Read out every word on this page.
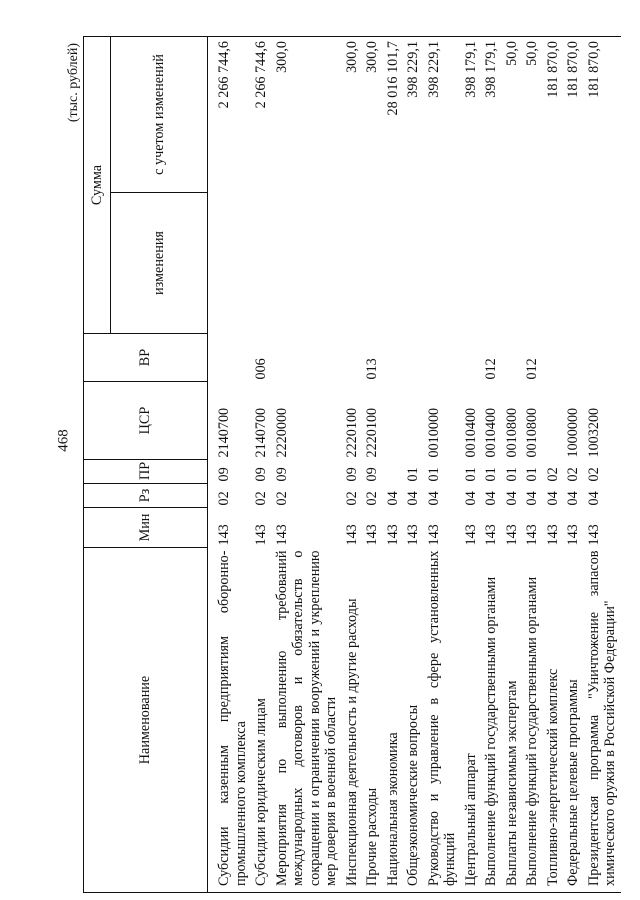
468
(тыс. рублей)
Наименование	Мин	Рз	ПР	ЦСР	ВР	Сумма	
						изменения	с учетом изменений

Субсидии казенным предприятиям оборонно-промышленного комплекса	143	02	09	2140700			2 266 744,6
Субсидии юридическим лицам	143	02	09	2140700	006		2 266 744,6
Мероприятия по выполнению требований международных договоров и обязательств о сокращении и ограничении вооружений и укреплению мер доверия в военной области	143	02	09	2220000			300,0
Инспекционная деятельность и другие расходы	143	02	09	2220100			300,0
Прочие расходы	143	02	09	2220100	013		300,0
Национальная экономика	143	04					28 016 101,7
Общеэкономические вопросы	143	04	01				398 229,1
Руководство и управление в сфере установленных функций	143	04	01	0010000			398 229,1
Центральный аппарат	143	04	01	0010400			398 179,1
Выполнение функций государственными органами	143	04	01	0010400	012		398 179,1
Выплаты независимым экспертам	143	04	01	0010800			50,0
Выполнение функций государственными органами	143	04	01	0010800	012		50,0
Топливно-энергетический комплекс	143	04	02				181 870,0
Федеральные целевые программы	143	04	02	1000000			181 870,0
Президентская программа "Уничтожение запасов химического оружия в Российской Федерации"	143	04	02	1003200			181 870,0
